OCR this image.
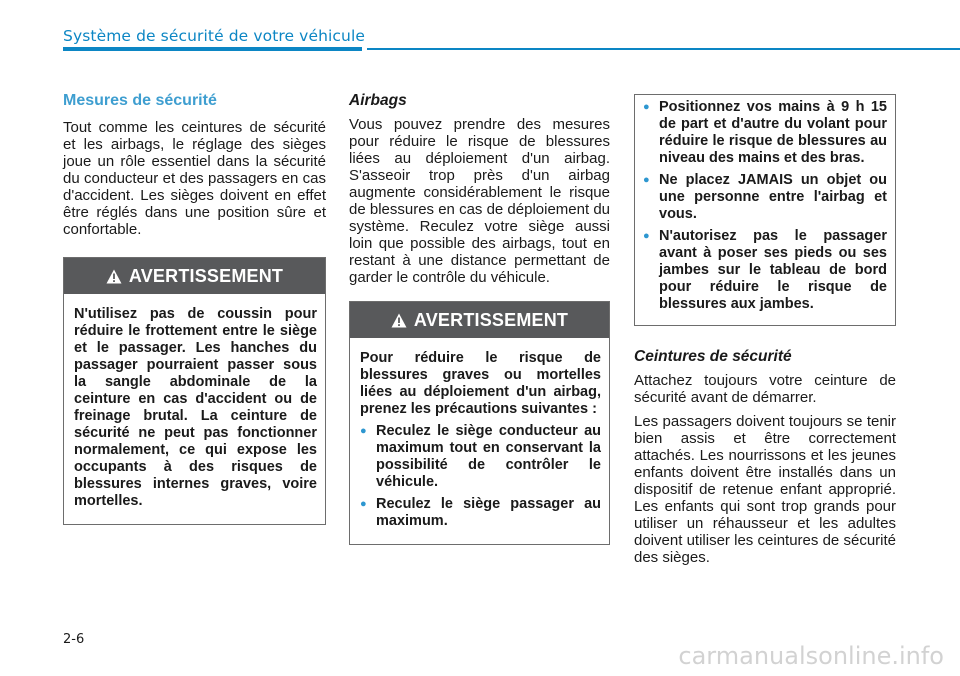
Système de sécurité de votre véhicule
Mesures de sécurité

Tout comme les ceintures de sécurité et les airbags, le réglage des sièges joue un rôle essentiel dans la sécurité du conducteur et des passagers en cas d'accident. Les sièges doivent en effet être réglés dans une position sûre et confortable.

AVERTISSEMENT

N'utilisez pas de coussin pour réduire le frottement entre le siège et le passager. Les hanches du passager pourraient passer sous la sangle abdominale de la ceinture en cas d'accident ou de freinage brutal. La ceinture de sécurité ne peut pas fonctionner normalement, ce qui expose les occupants à des risques de blessures internes graves, voire mortelles.

Airbags

Vous pouvez prendre des mesures pour réduire le risque de blessures liées au déploiement d'un airbag. S'asseoir trop près d'un airbag augmente considérablement le risque de blessures en cas de déploiement du système. Reculez votre siège aussi loin que possible des airbags, tout en restant à une distance permettant de garder le contrôle du véhicule.

AVERTISSEMENT

Pour réduire le risque de blessures graves ou mortelles liées au déploiement d'un airbag, prenez les précautions suivantes :

● Reculez le siège conducteur au maximum tout en conservant la possibilité de contrôler le véhicule.
● Reculez le siège passager au maximum.
● Positionnez vos mains à 9 h 15 de part et d'autre du volant pour réduire le risque de blessures au niveau des mains et des bras.
● Ne placez JAMAIS un objet ou une personne entre l'airbag et vous.
● N'autorisez pas le passager avant à poser ses pieds ou ses jambes sur le tableau de bord pour réduire le risque de blessures aux jambes.
Ceintures de sécurité

Attachez toujours votre ceinture de sécurité avant de démarrer.

Les passagers doivent toujours se tenir bien assis et être correctement attachés. Les nourrissons et les jeunes enfants doivent être installés dans un dispositif de retenue enfant approprié. Les enfants qui sont trop grands pour utiliser un réhausseur et les adultes doivent utiliser les ceintures de sécurité des sièges.

2-6
carmanualsonline.info
